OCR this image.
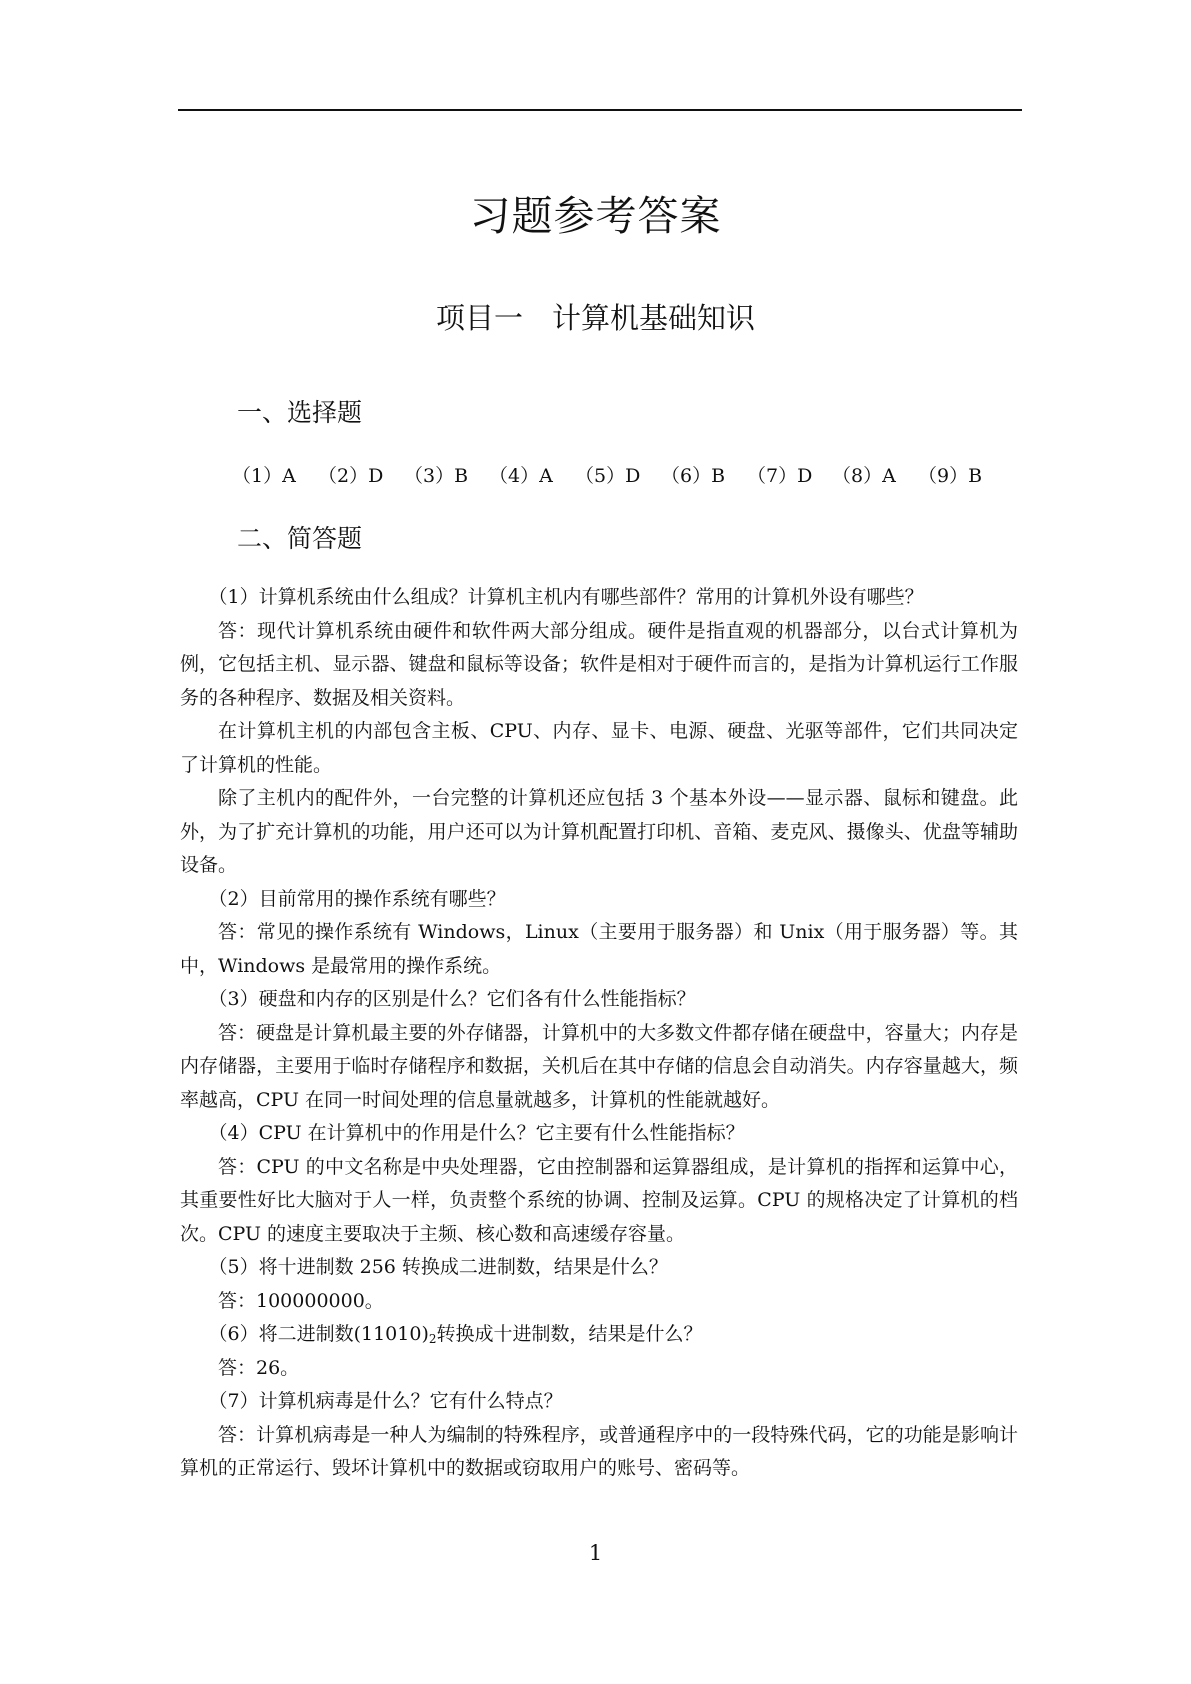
习题参考答案
项目一　计算机基础知识
一、选择题
（1）A （2）D （3）B （4）A （5）D （6）B （7）D （8）A （9）B
二、简答题

（1）计算机系统由什么组成？计算机主机内有哪些部件？常用的计算机外设有哪些？

答：现代计算机系统由硬件和软件两大部分组成。硬件是指直观的机器部分，以台式计算机为例，它包括主机、显示器、键盘和鼠标等设备；软件是相对于硬件而言的，是指为计算机运行工作服务的各种程序、数据及相关资料。

在计算机主机的内部包含主板、CPU、内存、显卡、电源、硬盘、光驱等部件，它们共同决定了计算机的性能。

除了主机内的配件外，一台完整的计算机还应包括 3 个基本外设——显示器、鼠标和键盘。此外，为了扩充计算机的功能，用户还可以为计算机配置打印机、音箱、麦克风、摄像头、优盘等辅助设备。

（2）目前常用的操作系统有哪些？

答：常见的操作系统有 Windows，Linux（主要用于服务器）和 Unix（用于服务器）等。其中，Windows 是最常用的操作系统。

（3）硬盘和内存的区别是什么？它们各有什么性能指标？

答：硬盘是计算机最主要的外存储器，计算机中的大多数文件都存储在硬盘中，容量大；内存是内存储器，主要用于临时存储程序和数据，关机后在其中存储的信息会自动消失。内存容量越大，频率越高，CPU 在同一时间处理的信息量就越多，计算机的性能就越好。

（4）CPU 在计算机中的作用是什么？它主要有什么性能指标？

答：CPU 的中文名称是中央处理器，它由控制器和运算器组成，是计算机的指挥和运算中心，其重要性好比大脑对于人一样，负责整个系统的协调、控制及运算。CPU 的规格决定了计算机的档次。CPU 的速度主要取决于主频、核心数和高速缓存容量。

（5）将十进制数 256 转换成二进制数，结果是什么？

答：100000000。

（6）将二进制数$(11010)_2$转换成十进制数，结果是什么？

答：26。

（7）计算机病毒是什么？它有什么特点？

答：计算机病毒是一种人为编制的特殊程序，或普通程序中的一段特殊代码，它的功能是影响计算机的正常运行、毁坏计算机中的数据或窃取用户的账号、密码等。

1
